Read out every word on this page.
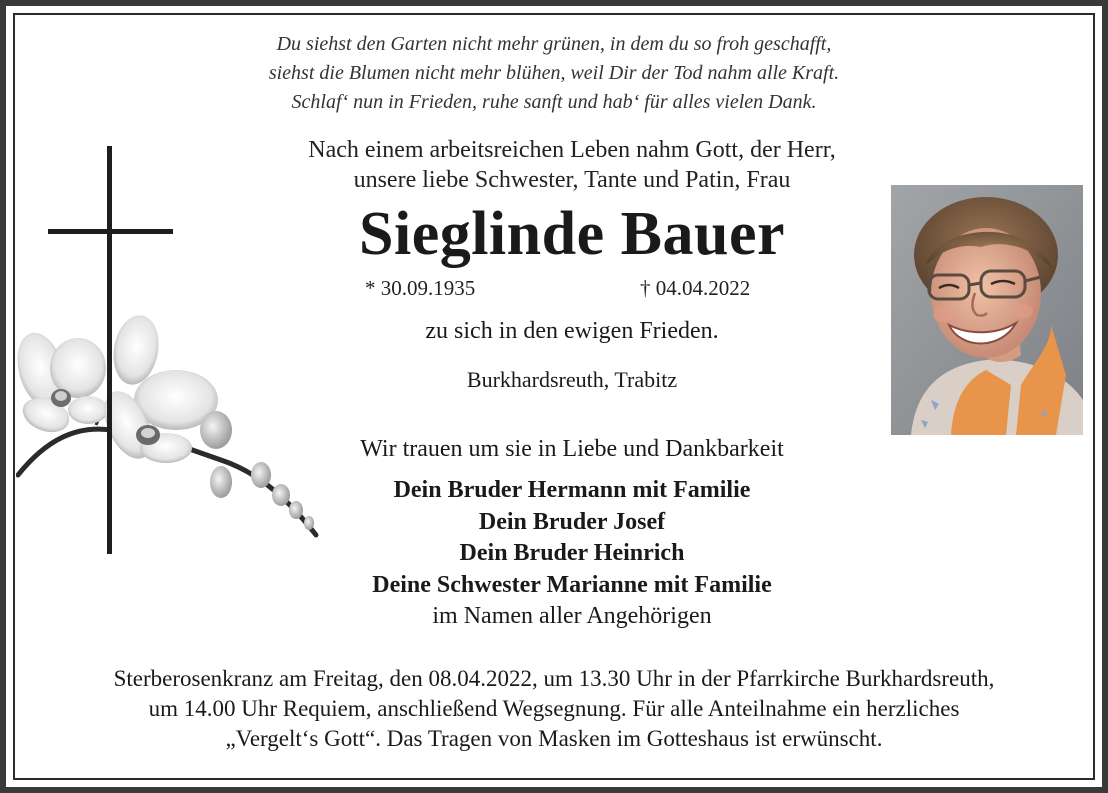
Du siehst den Garten nicht mehr grünen, in dem du so froh geschafft,
siehst die Blumen nicht mehr blühen, weil Dir der Tod nahm alle Kraft.
Schlaf‘ nun in Frieden, ruhe sanft und hab‘ für alles vielen Dank.
Nach einem arbeitsreichen Leben nahm Gott, der Herr,
unsere liebe Schwester, Tante und Patin, Frau
Sieglinde Bauer
* 30.09.1935	† 04.04.2022
zu sich in den ewigen Frieden.
Burkhardsreuth, Trabitz
Wir trauen um sie in Liebe und Dankbarkeit
Dein Bruder Hermann mit Familie
Dein Bruder Josef
Dein Bruder Heinrich
Deine Schwester Marianne mit Familie
im Namen aller Angehörigen
Sterberosenkranz am Freitag, den 08.04.2022, um 13.30 Uhr in der Pfarrkirche Burkhardsreuth,
um 14.00 Uhr Requiem, anschließend Wegsegnung. Für alle Anteilnahme ein herzliches
„Vergelt‘s Gott“. Das Tragen von Masken im Gotteshaus ist erwünscht.
